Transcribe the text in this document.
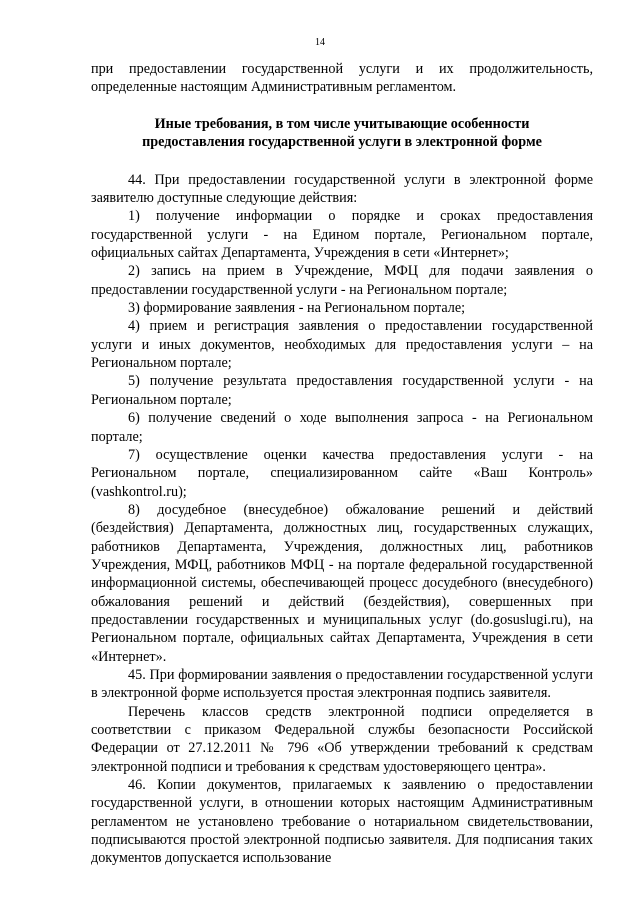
14

при предоставлении государственной услуги и их продолжительность, определенные настоящим Административным регламентом.

Иные требования, в том числе учитывающие особенности
предоставления государственной услуги в электронной форме

44. При предоставлении государственной услуги в электронной форме заявителю доступные следующие действия:

1) получение информации о порядке и сроках предоставления государственной услуги - на Едином портале, Региональном портале, официальных сайтах Департамента, Учреждения в сети «Интернет»;

2) запись на прием в Учреждение, МФЦ для подачи заявления о предоставлении государственной услуги - на Региональном портале;

3) формирование заявления - на Региональном портале;

4) прием и регистрация заявления о предоставлении государственной услуги и иных документов, необходимых для предоставления услуги – на Региональном портале;

5) получение результата предоставления государственной услуги - на Региональном портале;

6) получение сведений о ходе выполнения запроса - на Региональном портале;

7) осуществление оценки качества предоставления услуги - на Региональном портале, специализированном сайте «Ваш Контроль» (vashkontrol.ru);

8) досудебное (внесудебное) обжалование решений и действий (бездействия) Департамента, должностных лиц, государственных служащих, работников Департамента, Учреждения, должностных лиц, работников Учреждения, МФЦ, работников МФЦ - на портале федеральной государственной информационной системы, обеспечивающей процесс досудебного (внесудебного) обжалования решений и действий (бездействия), совершенных при предоставлении государственных и муниципальных услуг (do.gosuslugi.ru), на Региональном портале, официальных сайтах Департамента, Учреждения в сети «Интернет».

45. При формировании заявления о предоставлении государственной услуги в электронной форме используется простая электронная подпись заявителя.

Перечень классов средств электронной подписи определяется в соответствии с приказом Федеральной службы безопасности Российской Федерации от 27.12.2011 № 796 «Об утверждении требований к средствам электронной подписи и требования к средствам удостоверяющего центра».

46. Копии документов, прилагаемых к заявлению о предоставлении государственной услуги, в отношении которых настоящим Административным регламентом не установлено требование о нотариальном свидетельствовании, подписываются простой электронной подписью заявителя. Для подписания таких документов допускается использование
